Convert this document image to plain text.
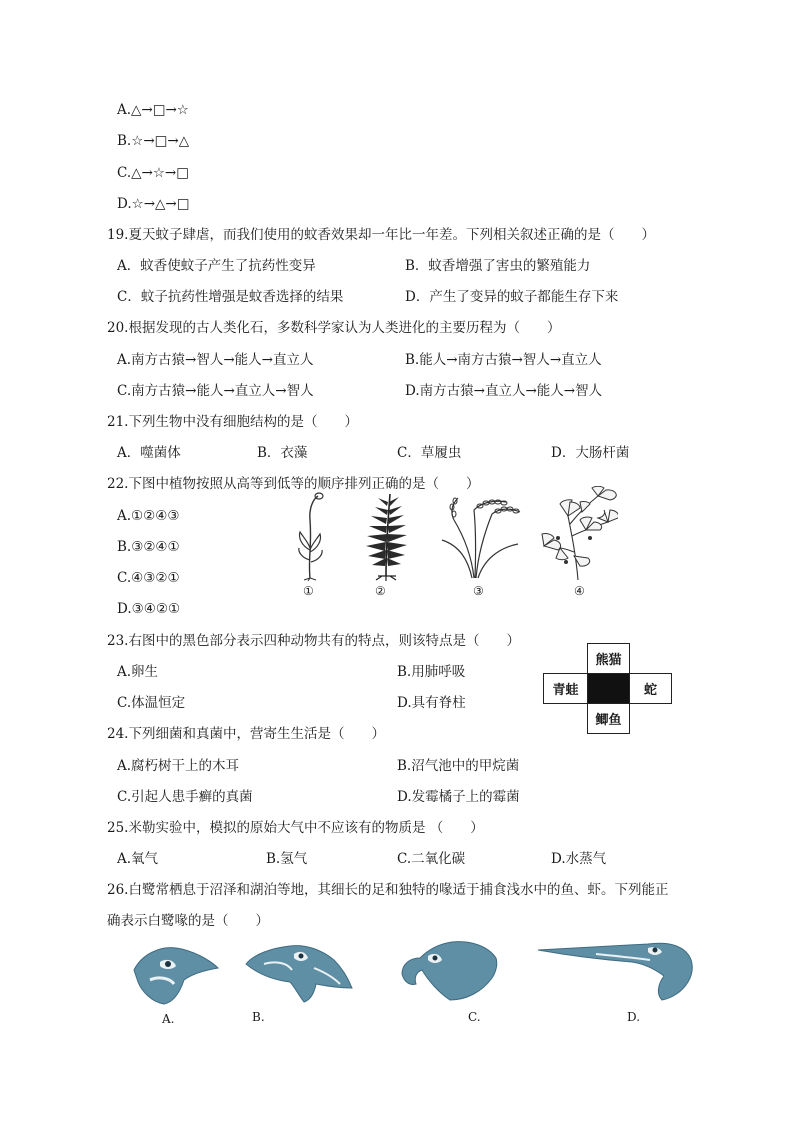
A.△→□→☆
B.☆→□→△
C.△→☆→□
D.☆→△→□
19.夏天蚊子肆虐，而我们使用的蚊香效果却一年比一年差。下列相关叙述正确的是（　　）
A．蚊香使蚊子产生了抗药性变异	B．蚊香增强了害虫的繁殖能力
C．蚊子抗药性增强是蚊香选择的结果	D．产生了变异的蚊子都能生存下来
20.根据发现的古人类化石，多数科学家认为人类进化的主要历程为（　　）
A.南方古猿→智人→能人→直立人	B.能人→南方古猿→智人→直立人
C.南方古猿→能人→直立人→智人	D.南方古猿→直立人→能人→智人
21.下列生物中没有细胞结构的是（　　）
A．噬菌体	B．衣藻	C．草履虫	D．大肠杆菌
22.下图中植物按照从高等到低等的顺序排列正确的是（　　）
A.①②④③
B.③②④①
C.④③②①
D.③④②①
①	②	③	④
23.右图中的黑色部分表示四种动物共有的特点，则该特点是（　　）
A.卵生	B.用肺呼吸
C.体温恒定	D.具有脊柱
熊猫
青蛙	蛇
鲫鱼
24.下列细菌和真菌中，营寄生生活是（　　）
A.腐朽树干上的木耳	B.沼气池中的甲烷菌
C.引起人患手癣的真菌	D.发霉橘子上的霉菌
25.米勒实验中，模拟的原始大气中不应该有的物质是 （　　）
A.氧气	B.氢气	C.二氧化碳	D.水蒸气
26.白鹭常栖息于沼泽和湖泊等地，其细长的足和独特的喙适于捕食浅水中的鱼、虾。下列能正
确表示白鹭喙的是（　　）
A.	B.	C.	D.
